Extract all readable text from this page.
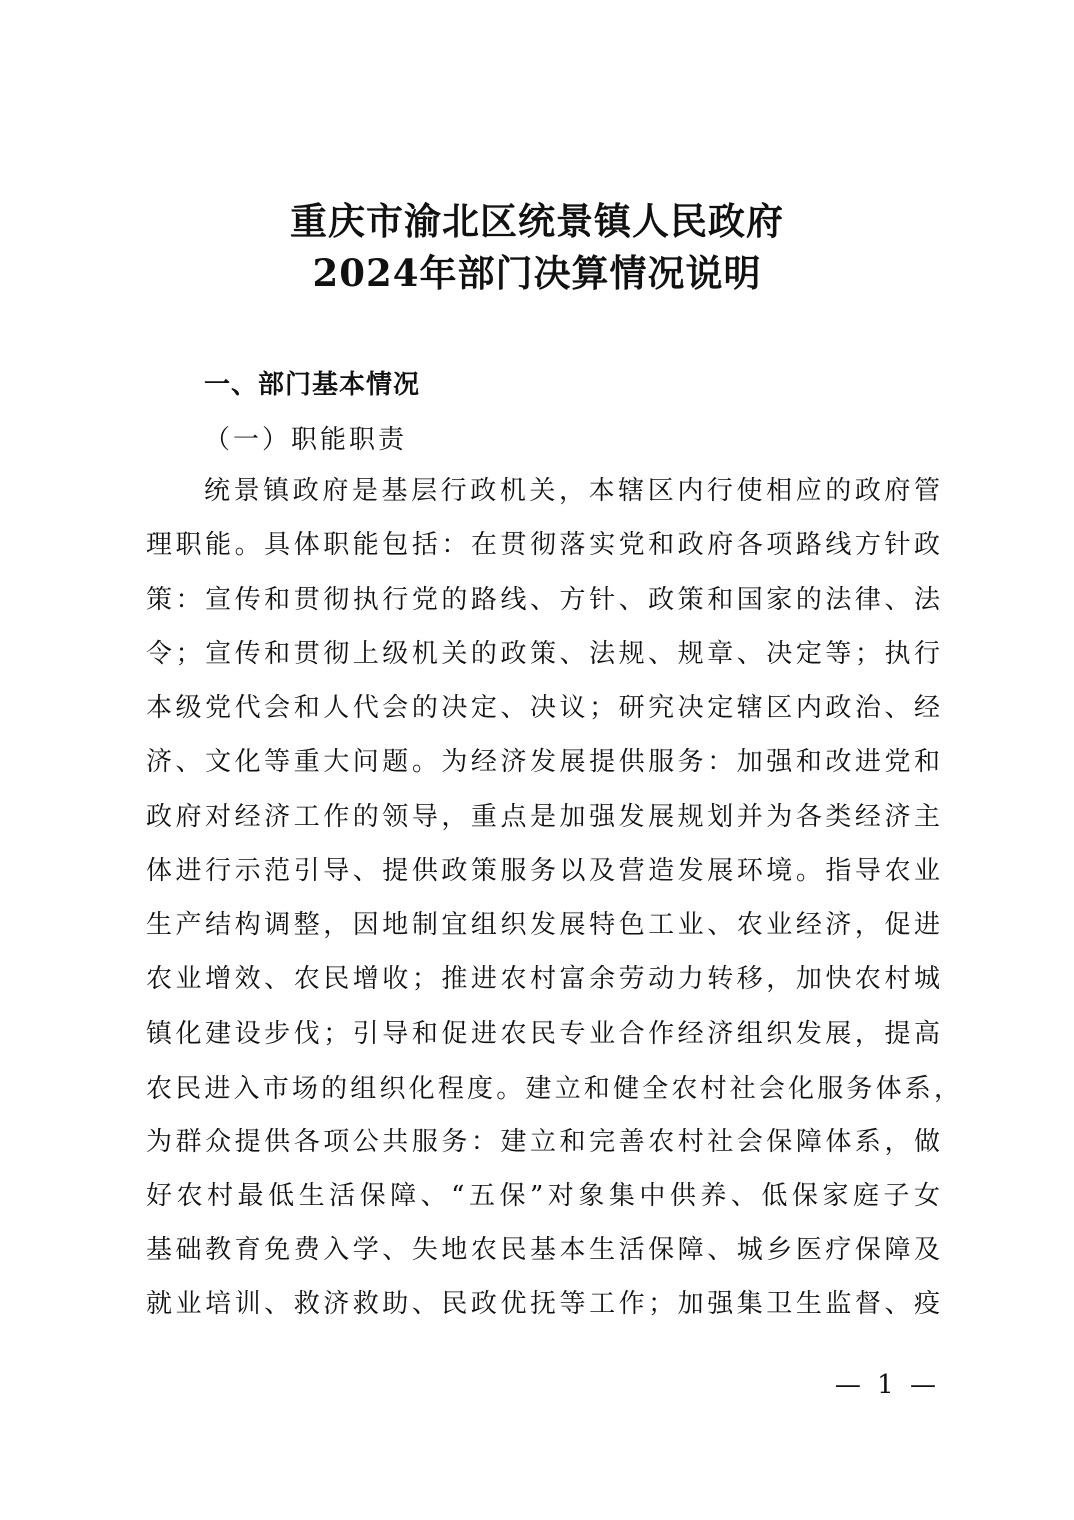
重庆市渝北区统景镇人民政府
2024年部门决算情况说明
一、部门基本情况
（一）职能职责
统景镇政府是基层行政机关，本辖区内行使相应的政府管
理职能。具体职能包括：在贯彻落实党和政府各项路线方针政
策：宣传和贯彻执行党的路线、方针、政策和国家的法律、法
令；宣传和贯彻上级机关的政策、法规、规章、决定等；执行
本级党代会和人代会的决定、决议；研究决定辖区内政治、经
济、文化等重大问题。为经济发展提供服务：加强和改进党和
政府对经济工作的领导，重点是加强发展规划并为各类经济主
体进行示范引导、提供政策服务以及营造发展环境。指导农业
生产结构调整，因地制宜组织发展特色工业、农业经济，促进
农业增效、农民增收；推进农村富余劳动力转移，加快农村城
镇化建设步伐；引导和促进农民专业合作经济组织发展，提高
农民进入市场的组织化程度。建立和健全农村社会化服务体系，
为群众提供各项公共服务：建立和完善农村社会保障体系，做
好农村最低生活保障、“五保”对象集中供养、低保家庭子女
基础教育免费入学、失地农民基本生活保障、城乡医疗保障及
就业培训、救济救助、民政优抚等工作；加强集卫生监督、疫
— 1 —
